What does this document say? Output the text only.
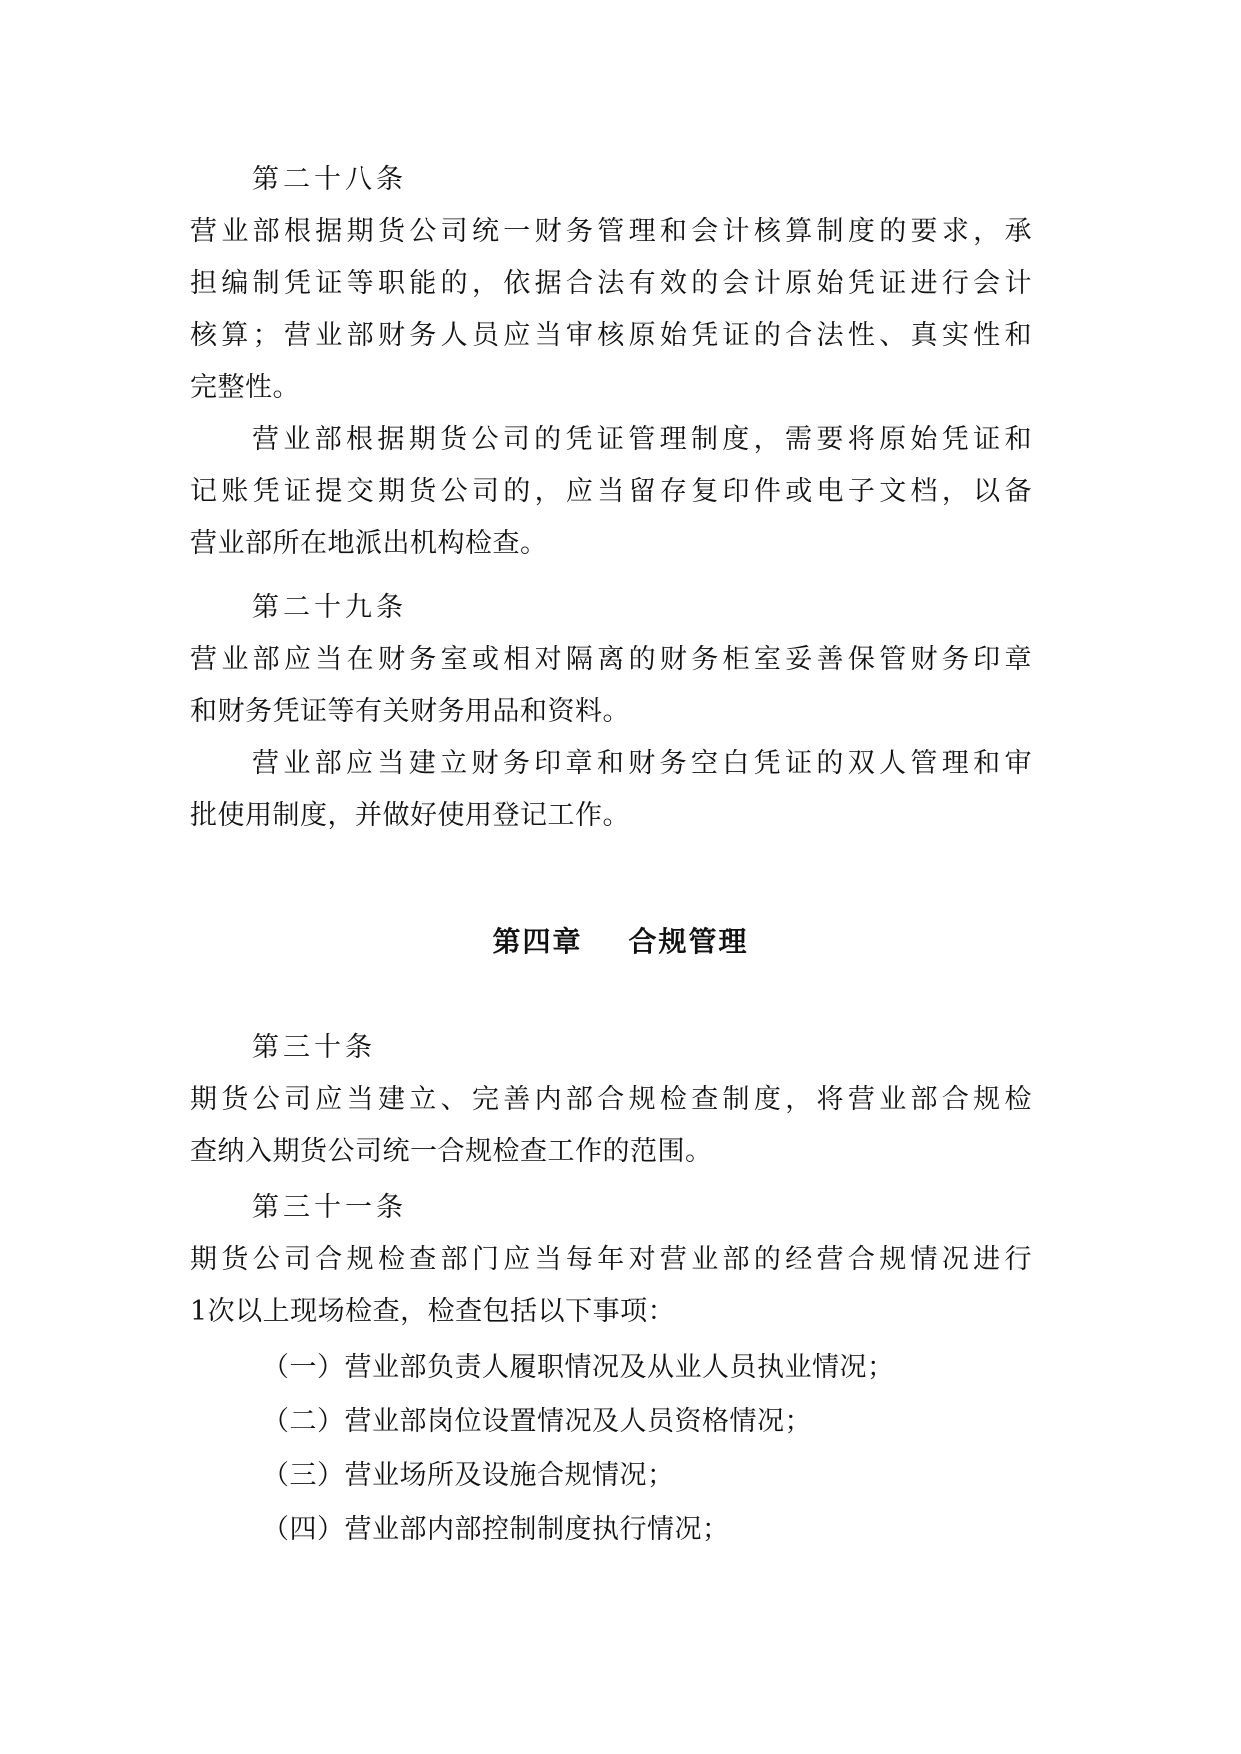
第二十八条
营业部根据期货公司统一财务管理和会计核算制度的要求，承
担编制凭证等职能的，依据合法有效的会计原始凭证进行会计
核算；营业部财务人员应当审核原始凭证的合法性、真实性和
完整性。
营业部根据期货公司的凭证管理制度，需要将原始凭证和
记账凭证提交期货公司的，应当留存复印件或电子文档，以备
营业部所在地派出机构检查。
第二十九条
营业部应当在财务室或相对隔离的财务柜室妥善保管财务印章
和财务凭证等有关财务用品和资料。
营业部应当建立财务印章和财务空白凭证的双人管理和审
批使用制度，并做好使用登记工作。
第四章 合规管理
第三十条
期货公司应当建立、完善内部合规检查制度，将营业部合规检
查纳入期货公司统一合规检查工作的范围。
第三十一条
期货公司合规检查部门应当每年对营业部的经营合规情况进行
1次以上现场检查，检查包括以下事项：
（一）营业部负责人履职情况及从业人员执业情况；
（二）营业部岗位设置情况及人员资格情况；
（三）营业场所及设施合规情况；
（四）营业部内部控制制度执行情况；
